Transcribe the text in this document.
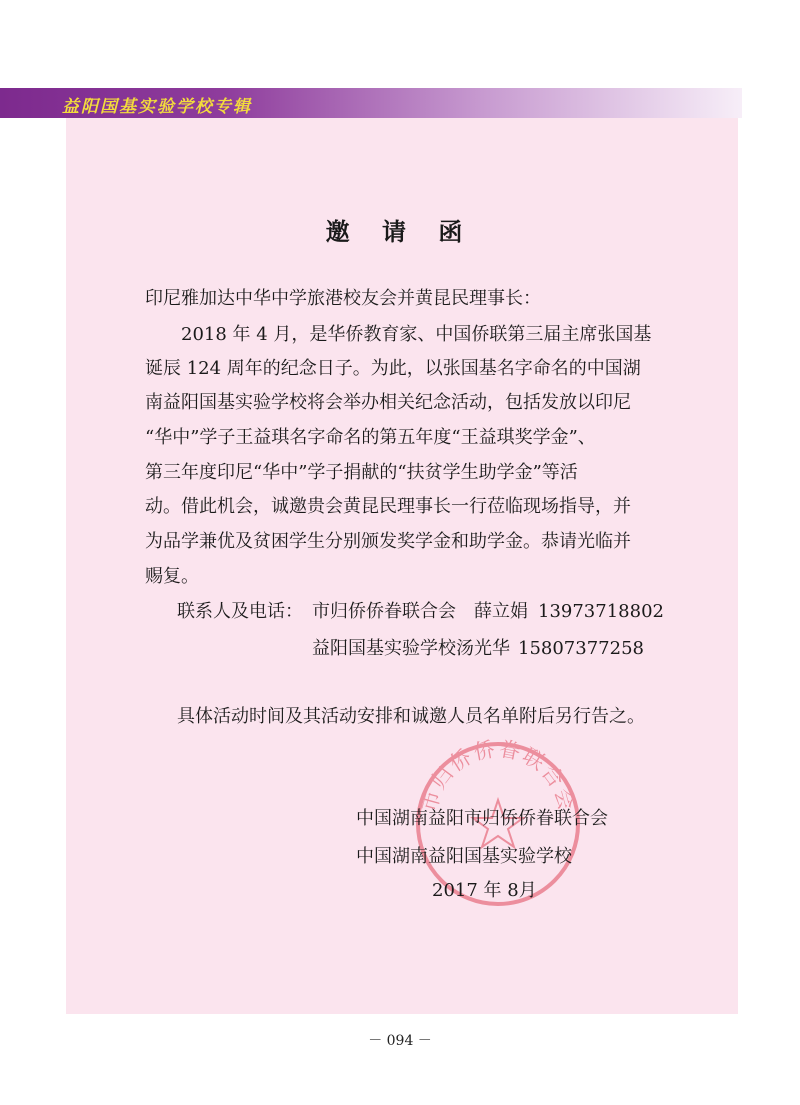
益阳国基实验学校专辑
邀 请 函
印尼雅加达中华中学旅港校友会并黄昆民理事长：
　　2018 年 4 月，是华侨教育家、中国侨联第三届主席张国基
诞辰 124 周年的纪念日子。为此，以张国基名字命名的中国湖
南益阳国基实验学校将会举办相关纪念活动，包括发放以印尼
“华中”学子王益琪名字命名的第五年度“王益琪奖学金”、
第三年度印尼“华中”学子捐献的“扶贫学生助学金”等活
动。借此机会，诚邀贵会黄昆民理事长一行莅临现场指导，并
为品学兼优及贫困学生分别颁发奖学金和助学金。恭请光临并
赐复。
联系人及电话： 市归侨侨眷联合会 薛立娟 13973718802
益阳国基实验学校 汤光华 15807377258
具体活动时间及其活动安排和诚邀人员名单附后另行告之。
市归侨侨眷联合会
中国湖南益阳市归侨侨眷联合会
中国湖南益阳国基实验学校
2017 年 8月
－ 094 －
